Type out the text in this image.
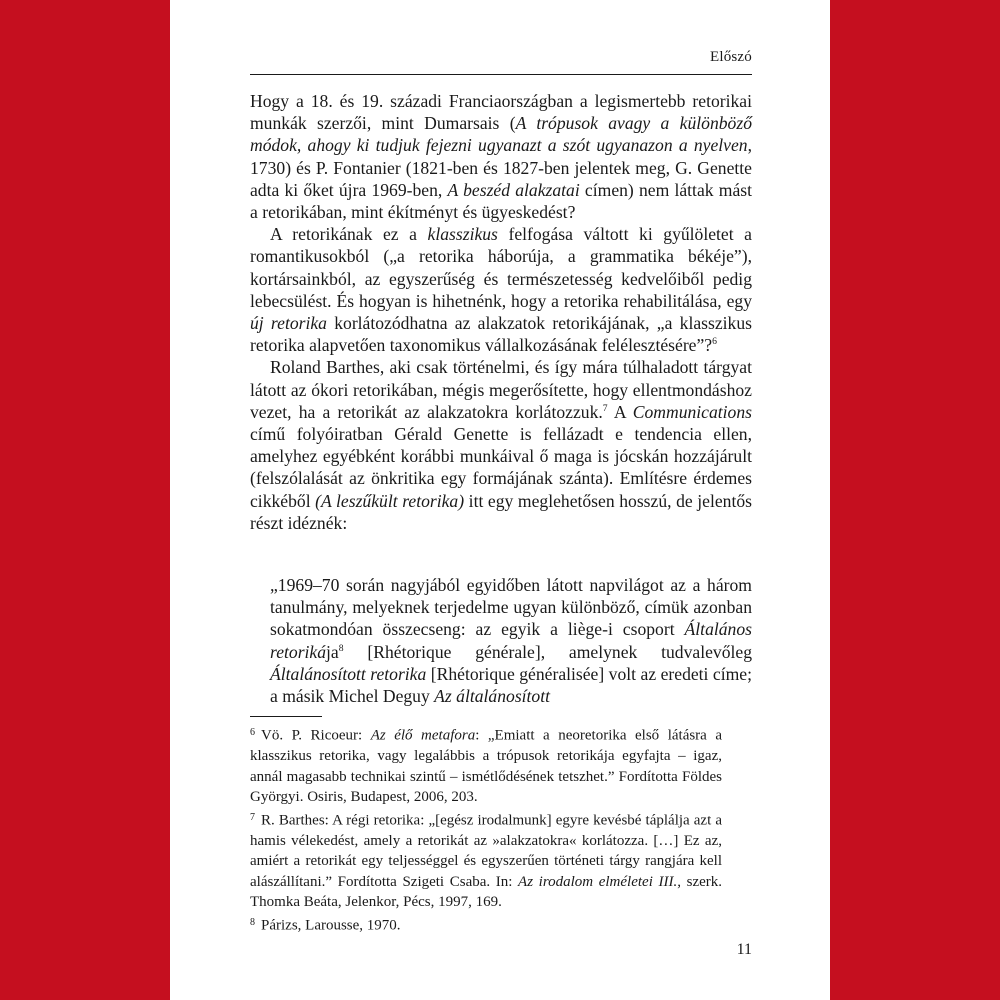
Előszó

Hogy a 18. és 19. századi Franciaországban a legismertebb retorikai munkák szerzői, mint Dumarsais (A trópusok avagy a különböző módok, ahogy ki tudjuk fejezni ugyanazt a szót ugyanazon a nyelven, 1730) és P. Fontanier (1821-ben és 1827-ben jelentek meg, G. Genette adta ki őket újra 1969-ben, A beszéd alakzatai címen) nem láttak mást a retorikában, mint ékítményt és ügyeskedést?

A retorikának ez a klasszikus felfogása váltott ki gyűlöletet a romantikusokból („a retorika háborúja, a grammatika békéje”), kortársainkból, az egyszerűség és természetesség kedvelőiből pedig lebecsülést. És hogyan is hihetnénk, hogy a retorika rehabilitálása, egy új retorika korlátozódhatna az alakzatok retorikájának, „a klasszikus retorika alapvetően taxonomikus vállalkozásának felélesztésére”?$^6$

Roland Barthes, aki csak történelmi, és így mára túlhaladott tárgyat látott az ókori retorikában, mégis megerősítette, hogy ellentmondáshoz vezet, ha a retorikát az alakzatokra korlátozzuk.$^7$ A Communications című folyóiratban Gérald Genette is fellázadt e tendencia ellen, amelyhez egyébként korábbi munkáival ő maga is jócskán hozzájárult (felszólalását az önkritika egy formájának szánta). Említésre érdemes cikkéből (A leszűkült retorika) itt egy meglehetősen hosszú, de jelentős részt idéznék:

„1969–70 során nagyjából egyidőben látott napvilágot az a három tanulmány, melyeknek terjedelme ugyan különböző, címük azonban sokatmondóan összecseng: az egyik a liège-i csoport Általános retorikája$^8$ [Rhétorique générale], amelynek tudvalevőleg Általánosított retorika [Rhétorique généralisée] volt az eredeti címe; a másik Michel Deguy Az általánosított

$^6$ Vö. P. Ricoeur: Az élő metafora: „Emiatt a neoretorika első látásra a klasszikus retorika, vagy legalábbis a trópusok retorikája egyfajta – igaz, annál magasabb technikai szintű – ismétlődésének tetszhet.” Fordította Földes Györgyi. Osiris, Budapest, 2006, 203.

$^7$ R. Barthes: A régi retorika: „[egész irodalmunk] egyre kevésbé táplálja azt a hamis vélekedést, amely a retorikát az »alakzatokra« korlátozza. […] Ez az, amiért a retorikát egy teljességgel és egyszerűen történeti tárgy rangjára kell alászállítani.” Fordította Szigeti Csaba. In: Az irodalom elméletei III., szerk. Thomka Beáta, Jelenkor, Pécs, 1997, 169.

$^8$ Párizs, Larousse, 1970.

11
